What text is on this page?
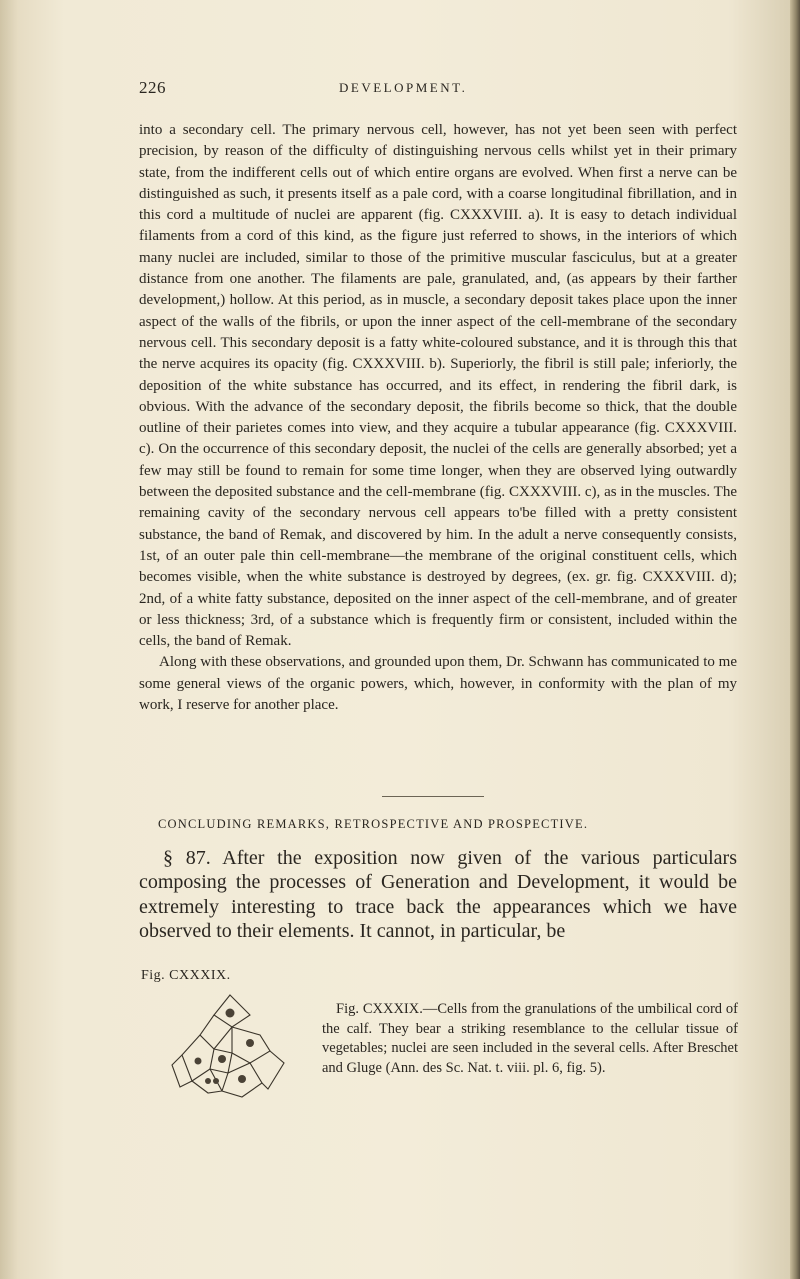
226	DEVELOPMENT.

into a secondary cell. The primary nervous cell, however, has not yet been seen with perfect precision, by reason of the difficulty of distinguishing nervous cells whilst yet in their primary state, from the indifferent cells out of which entire organs are evolved. When first a nerve can be distinguished as such, it presents itself as a pale cord, with a coarse longitudinal fibrillation, and in this cord a multitude of nuclei are apparent (fig. CXXXVIII. a). It is easy to detach individual filaments from a cord of this kind, as the figure just referred to shows, in the interiors of which many nuclei are included, similar to those of the primitive muscular fasciculus, but at a greater distance from one another. The filaments are pale, granulated, and, (as appears by their farther development,) hollow. At this period, as in muscle, a secondary deposit takes place upon the inner aspect of the walls of the fibrils, or upon the inner aspect of the cell-membrane of the secondary nervous cell. This secondary deposit is a fatty white-coloured substance, and it is through this that the nerve acquires its opacity (fig. CXXXVIII. b). Superiorly, the fibril is still pale; inferiorly, the deposition of the white substance has occurred, and its effect, in rendering the fibril dark, is obvious. With the advance of the secondary deposit, the fibrils become so thick, that the double outline of their parietes comes into view, and they acquire a tubular appearance (fig. CXXXVIII. c). On the occurrence of this secondary deposit, the nuclei of the cells are generally absorbed; yet a few may still be found to remain for some time longer, when they are observed lying outwardly between the deposited substance and the cell-membrane (fig. CXXXVIII. c), as in the muscles. The remaining cavity of the secondary nervous cell appears to'be filled with a pretty consistent substance, the band of Remak, and discovered by him. In the adult a nerve consequently consists, 1st, of an outer pale thin cell-membrane—the membrane of the original constituent cells, which becomes visible, when the white substance is destroyed by degrees, (ex. gr. fig. CXXXVIII. d); 2nd, of a white fatty substance, deposited on the inner aspect of the cell-membrane, and of greater or less thickness; 3rd, of a substance which is frequently firm or consistent, included within the cells, the band of Remak.

Along with these observations, and grounded upon them, Dr. Schwann has communicated to me some general views of the organic powers, which, however, in conformity with the plan of my work, I reserve for another place.

CONCLUDING REMARKS, RETROSPECTIVE AND PROSPECTIVE.

§ 87. After the exposition now given of the various particulars composing the processes of Generation and Development, it would be extremely interesting to trace back the appearances which we have observed to their elements. It cannot, in particular, be

Fig. CXXXIX.

Fig. CXXXIX.—Cells from the granulations of the umbilical cord of the calf. They bear a striking resemblance to the cellular tissue of vegetables; nuclei are seen included in the several cells. After Breschet and Gluge (Ann. des Sc. Nat. t. viii. pl. 6, fig. 5).
